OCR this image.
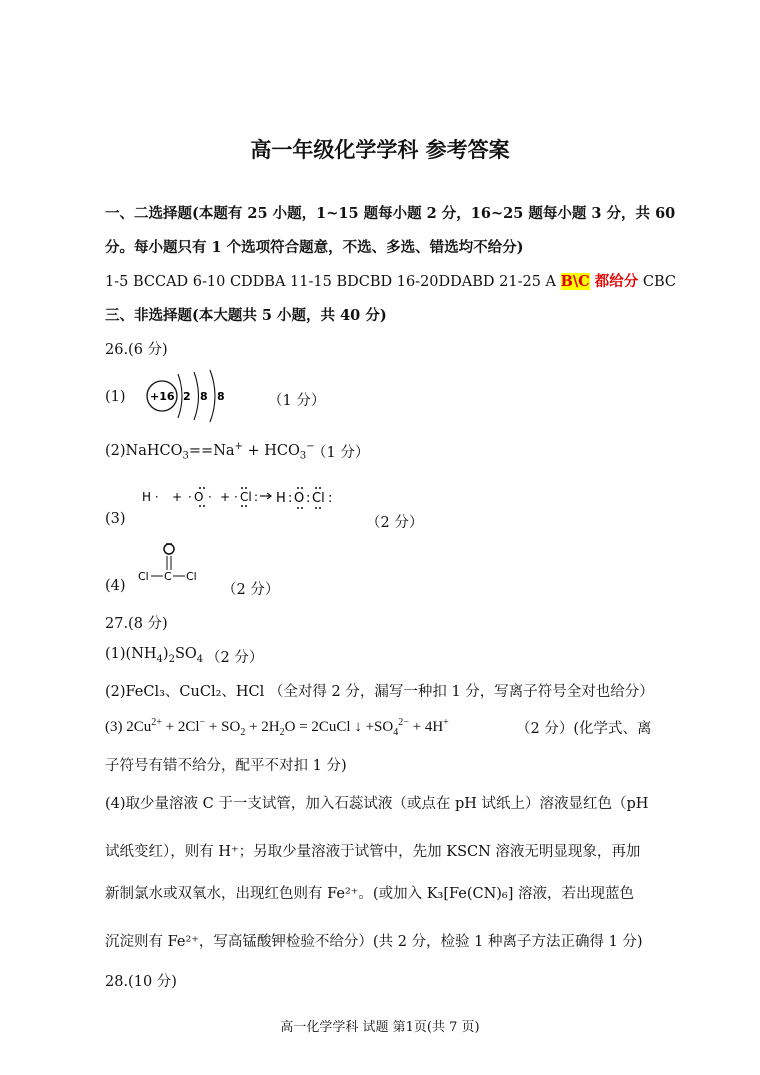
高一年级化学学科 参考答案
一、二选择题(本题有 25 小题，1~15 题每小题 2 分，16~25 题每小题 3 分，共 60
分。每小题只有 1 个选项符合题意，不选、多选、错选均不给分)
1-5 BCCAD 6-10 CDDBA 11-15 BDCBD 16-20DDABD 21-25 A B\C 都给分 CBC
三、非选择题(本大题共 5 小题，共 40 分)
26.(6 分)
(1) +16 2 8 8	（1 分）
(2)NaHCO$_3$==Na+ + $HCO_3^-$
（1 分）
H · + · O · + · Cl : H : O : Cl :
(3)	（2 分）
(4)
Cl C Cl
（2 分）
27.(8 分)
$(1)(NH_4)_2SO_4$ （2 分）
(2)FeCl₃、CuCl₂、HCl （全对得 2 分，漏写一种扣 1 分，写离子符号全对也给分）
(3) $2Cu^{2+} + 2Cl^- + SO_2 + 2H_2O$ = 2CuCl ↓ $+SO_4^{2-} + 4H^+$	（2 分）(化学式、离
子符号有错不给分，配平不对扣 1 分)
(4)取少量溶液 C 于一支试管，加入石蕊试液（或点在 pH 试纸上）溶液显红色（pH
试纸变红），则有 H⁺；另取少量溶液于试管中，先加 KSCN 溶液无明显现象，再加
新制氯水或双氧水，出现红色则有 Fe²⁺。(或加入 K₃[Fe(CN)₆] 溶液，若出现蓝色
沉淀则有 Fe²⁺，写高锰酸钾检验不给分）(共 2 分，检验 1 种离子方法正确得 1 分)
28.(10 分)
高一化学学科 试题 第1页(共 7 页)
